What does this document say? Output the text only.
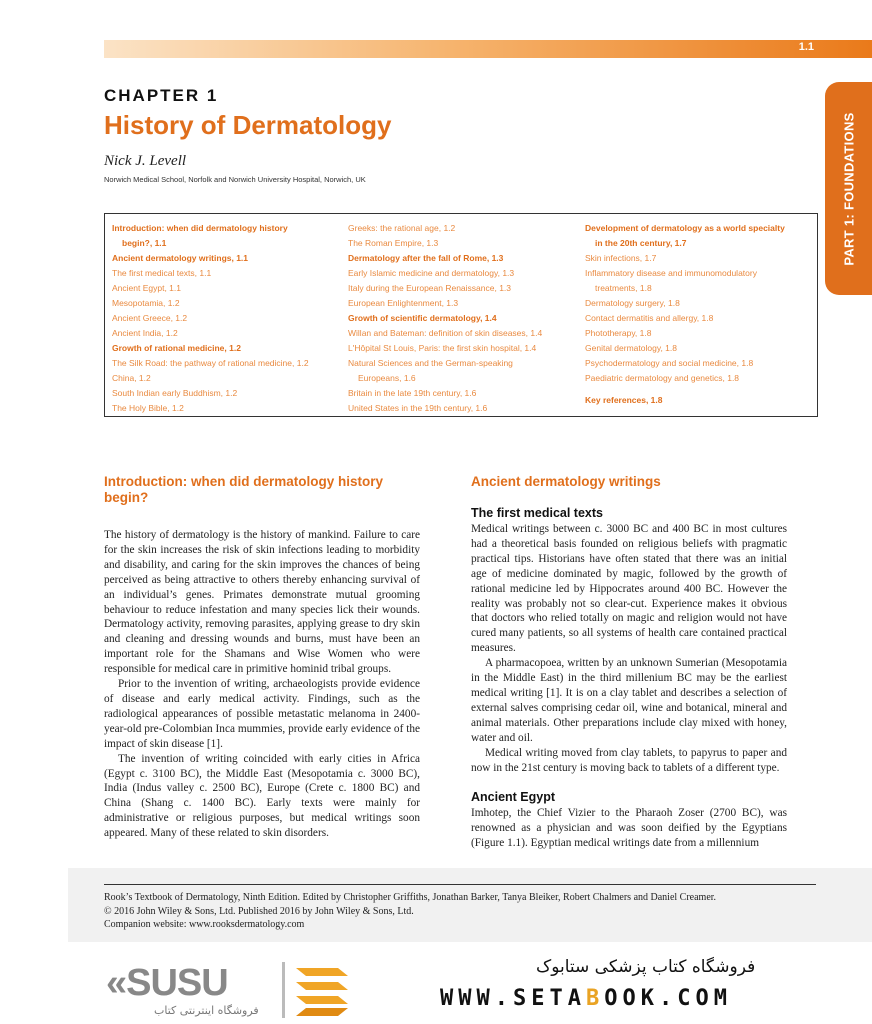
1.1
PART 1: FOUNDATIONS
CHAPTER 1
History of Dermatology
Nick J. Levell
Norwich Medical School, Norfolk and Norwich University Hospital, Norwich, UK
Introduction: when did dermatology history
begin?, 1.1
Ancient dermatology writings, 1.1
The first medical texts, 1.1
Ancient Egypt, 1.1
Mesopotamia, 1.2
Ancient Greece, 1.2
Ancient India, 1.2
Growth of rational medicine, 1.2
The Silk Road: the pathway of rational medicine, 1.2
China, 1.2
South Indian early Buddhism, 1.2
The Holy Bible, 1.2
Greeks: the rational age, 1.2
The Roman Empire, 1.3
Dermatology after the fall of Rome, 1.3
Early Islamic medicine and dermatology, 1.3
Italy during the European Renaissance, 1.3
European Enlightenment, 1.3
Growth of scientific dermatology, 1.4
Willan and Bateman: definition of skin diseases, 1.4
L'Hôpital St Louis, Paris: the first skin hospital, 1.4
Natural Sciences and the German-speaking
Europeans, 1.6
Britain in the late 19th century, 1.6
United States in the 19th century, 1.6
Development of dermatology as a world specialty
in the 20th century, 1.7
Skin infections, 1.7
Inflammatory disease and immunomodulatory
treatments, 1.8
Dermatology surgery, 1.8
Contact dermatitis and allergy, 1.8
Phototherapy, 1.8
Genital dermatology, 1.8
Psychodermatology and social medicine, 1.8
Paediatric dermatology and genetics, 1.8
Key references, 1.8
Introduction: when did dermatology history begin?

The history of dermatology is the history of mankind. Failure to care for the skin increases the risk of skin infections leading to morbidity and disability, and caring for the skin improves the chances of being perceived as being attractive to others thereby enhancing survival of an individual’s genes. Primates demonstrate mutual grooming behaviour to reduce infestation and many species lick their wounds. Dermatology activity, removing parasites, applying grease to dry skin and cleaning and dressing wounds and burns, must have been an important role for the Shamans and Wise Women who were responsible for medical care in primitive hominid tribal groups.

Prior to the invention of writing, archaeologists provide evidence of disease and early medical activity. Findings, such as the radiological appearances of possible metastatic melanoma in 2400-year-old pre-Colombian Inca mummies, provide early evidence of the impact of skin disease [1].

The invention of writing coincided with early cities in Africa (Egypt c. 3100 BC), the Middle East (Mesopotamia c. 3000 BC), India (Indus valley c. 2500 BC), Europe (Crete c. 1800 BC) and China (Shang c. 1400 BC). Early texts were mainly for administrative or religious purposes, but medical writings soon appeared. Many of these related to skin disorders.

Ancient dermatology writings
The first medical texts

Medical writings between c. 3000 BC and 400 BC in most cultures had a theoretical basis founded on religious beliefs with pragmatic practical tips. Historians have often stated that there was an initial age of medicine dominated by magic, followed by the growth of rational medicine led by Hippocrates around 400 BC. However the reality was probably not so clear-cut. Experience makes it obvious that doctors who relied totally on magic and religion would not have cured many patients, so all systems of health care contained practical measures.

A pharmacopoea, written by an unknown Sumerian (Mesopotamia in the Middle East) in the third millenium BC may be the earliest medical writing [1]. It is on a clay tablet and describes a selection of external salves comprising cedar oil, wine and botanical, mineral and animal materials. Other preparations include clay mixed with honey, water and oil.

Medical writing moved from clay tablets, to papyrus to paper and now in the 21st century is moving back to tablets of a different type.

Ancient Egypt

Imhotep, the Chief Vizier to the Pharaoh Zoser (2700 BC), was renowned as a physician and was soon deified by the Egyptians (Figure 1.1). Egyptian medical writings date from a millennium

Rook’s Textbook of Dermatology, Ninth Edition. Edited by Christopher Griffiths, Jonathan Barker, Tanya Bleiker, Robert Chalmers and Daniel Creamer.
© 2016 John Wiley & Sons, Ltd. Published 2016 by John Wiley & Sons, Ltd.
Companion website: www.rooksdermatology.com
«SUSU
فروشگاه اینترنتی کتاب
فروشگاه کتاب پزشکی ستابوک
WWW.SETABOOK.COM
